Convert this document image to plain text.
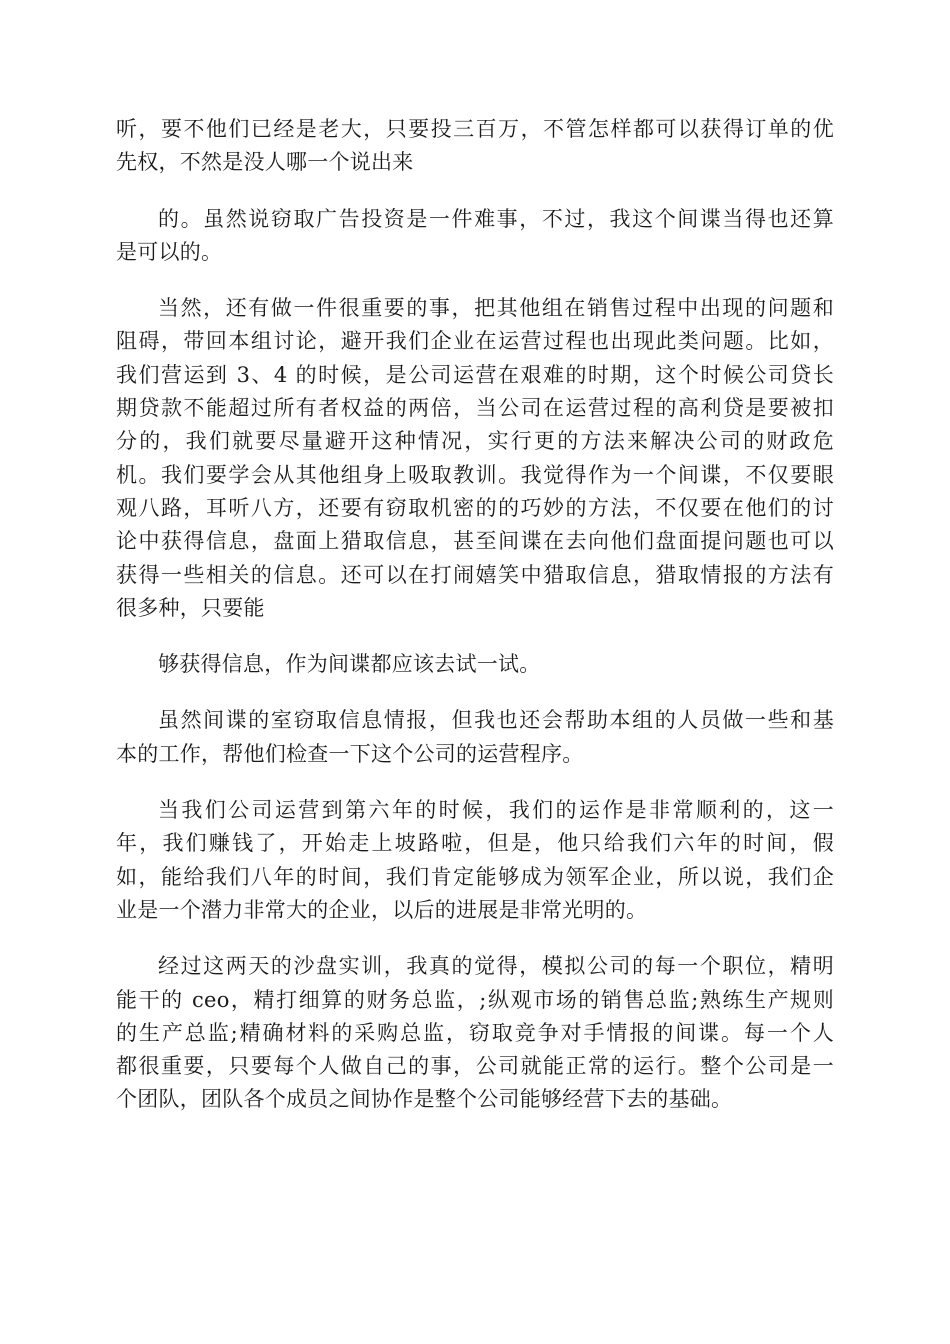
听，要不他们已经是老大，只要投三百万，不管怎样都可以获得订单的优
先权，不然是没人哪一个说出来
的。虽然说窃取广告投资是一件难事，不过，我这个间谍当得也还算
是可以的。
当然，还有做一件很重要的事，把其他组在销售过程中出现的问题和
阻碍，带回本组讨论，避开我们企业在运营过程也出现此类问题。比如，
我们营运到 3、4 的时候，是公司运营在艰难的时期，这个时候公司贷长
期贷款不能超过所有者权益的两倍，当公司在运营过程的高利贷是要被扣
分的，我们就要尽量避开这种情况，实行更的方法来解决公司的财政危
机。我们要学会从其他组身上吸取教训。我觉得作为一个间谍，不仅要眼
观八路，耳听八方，还要有窃取机密的的巧妙的方法，不仅要在他们的讨
论中获得信息，盘面上猎取信息，甚至间谍在去向他们盘面提问题也可以
获得一些相关的信息。还可以在打闹嬉笑中猎取信息，猎取情报的方法有
很多种，只要能
够获得信息，作为间谍都应该去试一试。
虽然间谍的室窃取信息情报，但我也还会帮助本组的人员做一些和基
本的工作，帮他们检查一下这个公司的运营程序。
当我们公司运营到第六年的时候，我们的运作是非常顺利的，这一
年，我们赚钱了，开始走上坡路啦，但是，他只给我们六年的时间，假
如，能给我们八年的时间，我们肯定能够成为领军企业，所以说，我们企
业是一个潜力非常大的企业，以后的进展是非常光明的。
经过这两天的沙盘实训，我真的觉得，模拟公司的每一个职位，精明
能干的 ceo，精打细算的财务总监，;纵观市场的销售总监;熟练生产规则
的生产总监;精确材料的采购总监，窃取竞争对手情报的间谍。每一个人
都很重要，只要每个人做自己的事，公司就能正常的运行。整个公司是一
个团队，团队各个成员之间协作是整个公司能够经营下去的基础。
